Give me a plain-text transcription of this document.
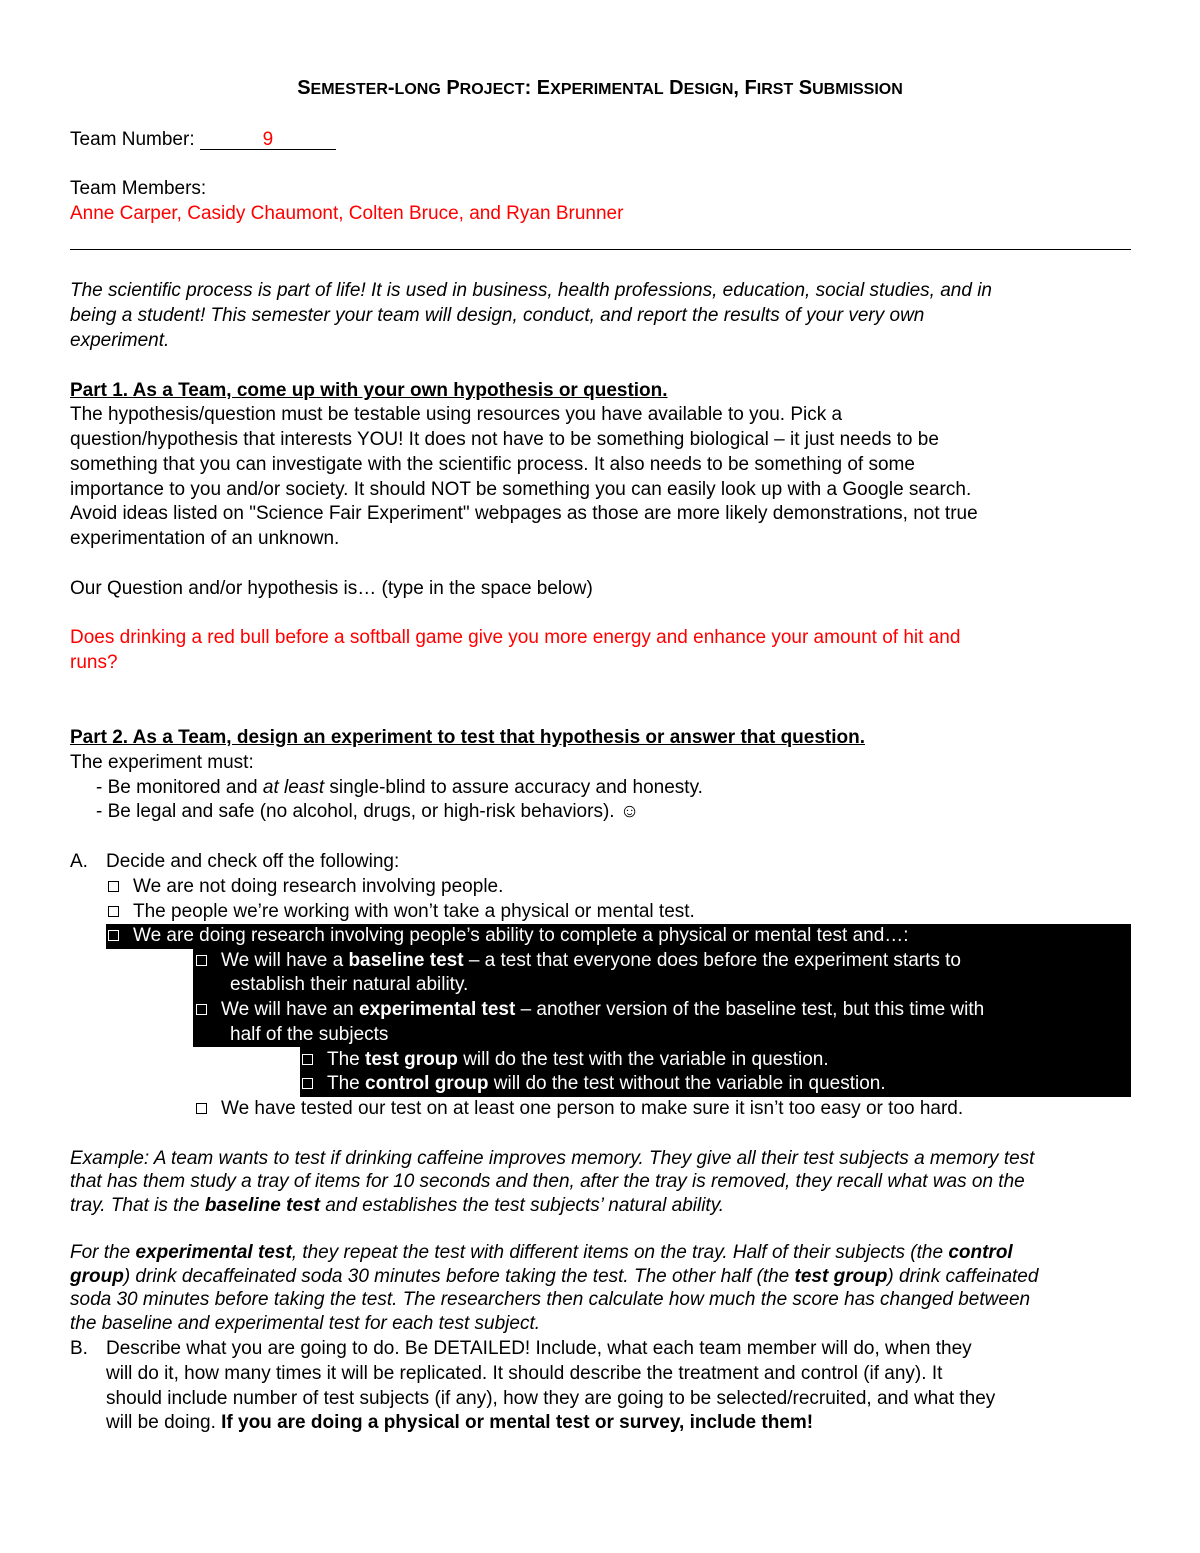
SEMESTER-LONG PROJECT: EXPERIMENTAL DESIGN, FIRST SUBMISSION
Team Number:	9
Team Members:
Anne Carper, Casidy Chaumont, Colten Bruce, and Ryan Brunner
The scientific process is part of life! It is used in business, health professions, education, social studies, and in
being a student! This semester your team will design, conduct, and report the results of your very own
experiment.
Part 1. As a Team, come up with your own hypothesis or question.
The hypothesis/question must be testable using resources you have available to you. Pick a
question/hypothesis that interests YOU! It does not have to be something biological – it just needs to be
something that you can investigate with the scientific process. It also needs to be something of some
importance to you and/or society. It should NOT be something you can easily look up with a Google search.
Avoid ideas listed on "Science Fair Experiment" webpages as those are more likely demonstrations, not true
experimentation of an unknown.
Our Question and/or hypothesis is… (type in the space below)
Does drinking a red bull before a softball game give you more energy and enhance your amount of hit and
runs?
Part 2. As a Team, design an experiment to test that hypothesis or answer that question.
The experiment must:
- Be monitored and at least single-blind to assure accuracy and honesty.
- Be legal and safe (no alcohol, drugs, or high-risk behaviors). ☺
A. Decide and check off the following:
We are not doing research involving people.
The people we’re working with won’t take a physical or mental test.
We are doing research involving people’s ability to complete a physical or mental test and…:
We will have a baseline test – a test that everyone does before the experiment starts to
establish their natural ability.
We will have an experimental test – another version of the baseline test, but this time with
half of the subjects
The test group will do the test with the variable in question.
The control group will do the test without the variable in question.
We have tested our test on at least one person to make sure it isn’t too easy or too hard.
Example: A team wants to test if drinking caffeine improves memory. They give all their test subjects a memory test
that has them study a tray of items for 10 seconds and then, after the tray is removed, they recall what was on the
tray. That is the baseline test and establishes the test subjects’ natural ability.
For the experimental test, they repeat the test with different items on the tray. Half of their subjects (the control
group) drink decaffeinated soda 30 minutes before taking the test. The other half (the test group) drink caffeinated
soda 30 minutes before taking the test. The researchers then calculate how much the score has changed between
the baseline and experimental test for each test subject.
B. Describe what you are going to do. Be DETAILED! Include, what each team member will do, when they
will do it, how many times it will be replicated. It should describe the treatment and control (if any). It
should include number of test subjects (if any), how they are going to be selected/recruited, and what they
will be doing. If you are doing a physical or mental test or survey, include them!
